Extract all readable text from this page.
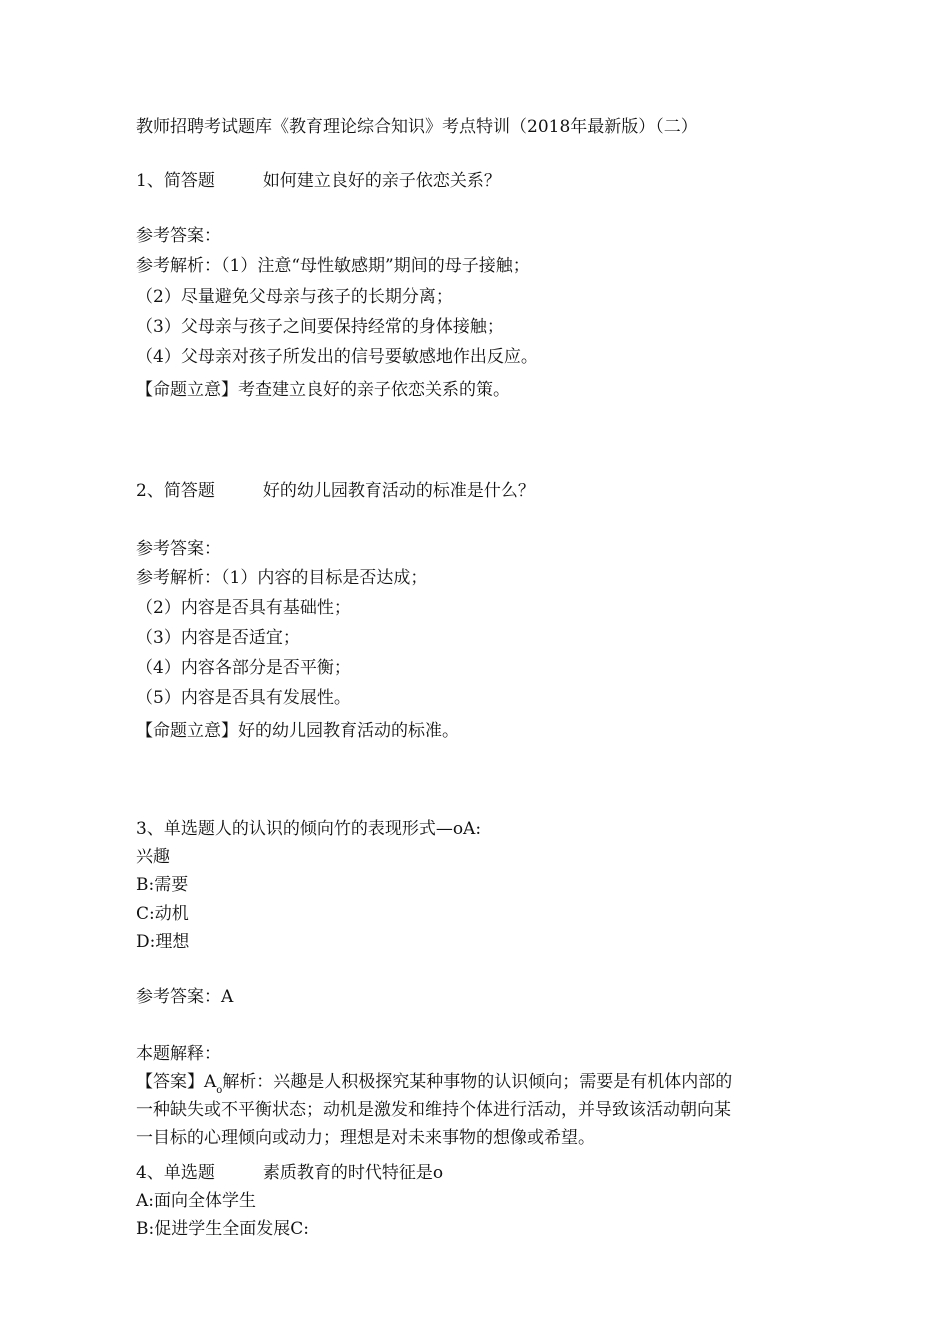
教师招聘考试题库《教育理论综合知识》考点特训（2018年最新版）（二）
1、简答题	如何建立良好的亲子依恋关系？
参考答案：
参考解析：（1）注意“母性敏感期”期间的母子接触；
（2）尽量避免父母亲与孩子的长期分离；
（3）父母亲与孩子之间要保持经常的身体接触；
（4）父母亲对孩子所发出的信号要敏感地作出反应。
【命题立意】考查建立良好的亲子依恋关系的策。
2、简答题	好的幼儿园教育活动的标准是什么？
参考答案：
参考解析：（1）内容的目标是否达成；
（2）内容是否具有基础性；
（3）内容是否适宜；
（4）内容各部分是否平衡；
（5）内容是否具有发展性。
【命题立意】好的幼儿园教育活动的标准。
3、单选题人的认识的倾向竹的表现形式—oA:
兴趣
B:需要
C:动机
D:理想
参考答案：A
本题解释：
【答案】$A_o$解析：兴趣是人积极探究某种事物的认识倾向；需要是有机体内部的
一种缺失或不平衡状态；动机是激发和维持个体进行活动，并导致该活动朝向某
一目标的心理倾向或动力；理想是对未来事物的想像或希望。
4、单选题	素质教育的时代特征是o
A:面向全体学生
B:促进学生全面发展C:
